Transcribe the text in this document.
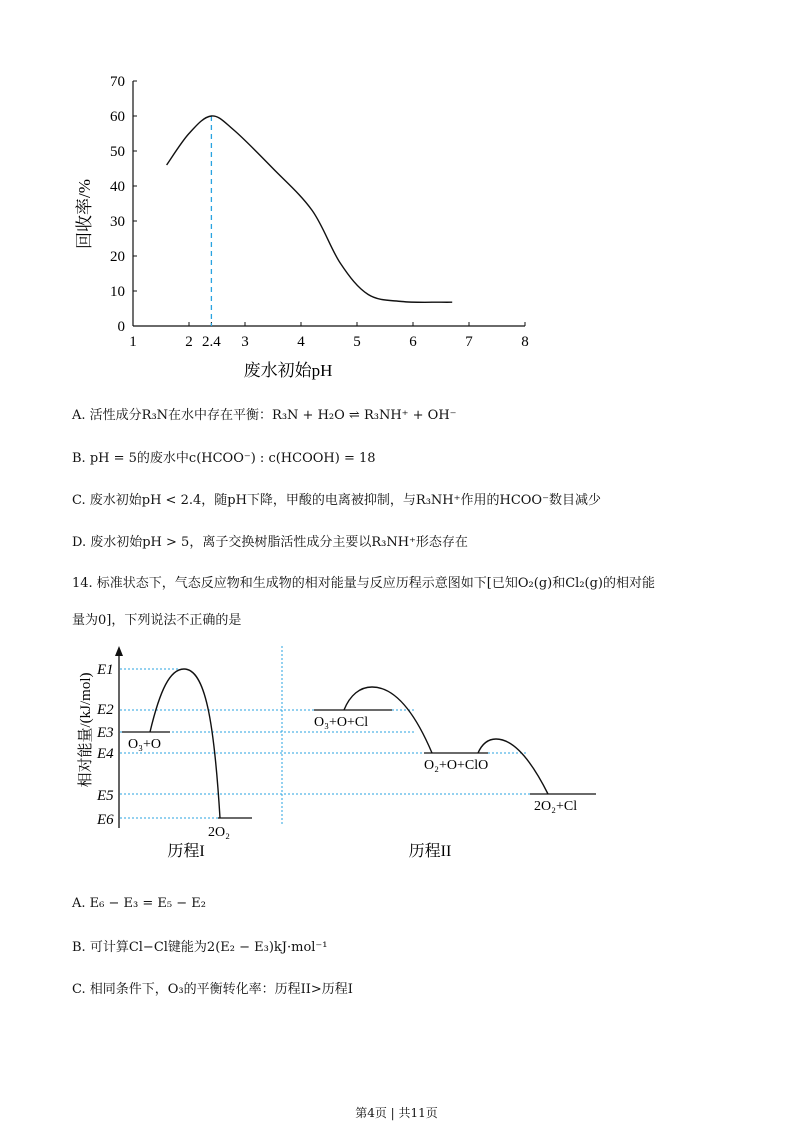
1	2 2.4 3	4	5	6	7	8
0
10
20
30
40
50
60
70
废水初始pH
回收率/%
A. 活性成分R₃N在水中存在平衡：R₃N + H₂O ⇌ R₃NH⁺ + OH⁻
B. pH = 5的废水中c(HCOO⁻) : c(HCOOH) = 18
C. 废水初始pH < 2.4，随pH下降，甲酸的电离被抑制，与R₃NH⁺作用的HCOO⁻数目减少
D. 废水初始pH > 5，离子交换树脂活性成分主要以R₃NH⁺形态存在
14. 标准状态下，气态反应物和生成物的相对能量与反应历程示意图如下[已知O₂(g)和Cl₂(g)的相对能
量为0]，下列说法不正确的是
相对能量/(kJ/mol)
E1
E2
E3
E4
E5
E6
O₃+O
2O₂
O₃+O+Cl
O₂+O+ClO
2O₂+Cl
历程I	历程II
A. E₆ − E₃ = E₅ − E₂
B. 可计算Cl−Cl键能为2(E₂ − E₃)kJ·mol⁻¹
C. 相同条件下，O₃的平衡转化率：历程II>历程I
第4页 | 共11页
